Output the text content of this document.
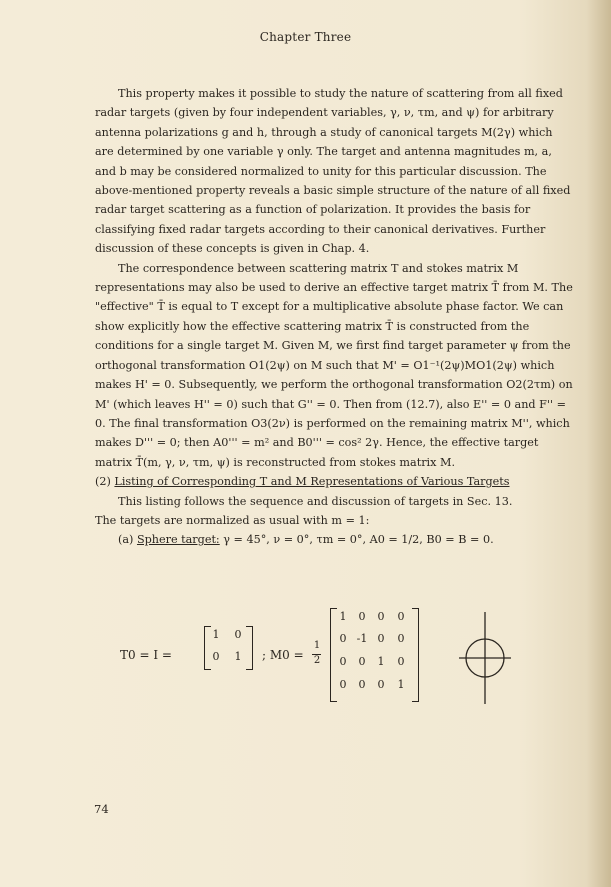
Chapter Three

This property makes it possible to study the nature of scattering from all fixed radar targets (given by four independent variables, γ, ν, τm, and ψ) for arbitrary antenna polarizations g and h, through a study of canonical targets M(2γ) which are determined by one variable γ only. The target and antenna magnitudes m, a, and b may be considered normalized to unity for this particular discussion. The above-mentioned property reveals a basic simple structure of the nature of all fixed radar target scattering as a function of polarization. It provides the basis for classifying fixed radar targets according to their canonical derivatives. Further discussion of these concepts is given in Chap. 4.

The correspondence between scattering matrix T and stokes matrix M representations may also be used to derive an effective target matrix T̄ from M. The "effective" T̄ is equal to T except for a multiplicative absolute phase factor. We can show explicitly how the effective scattering matrix T̄ is constructed from the conditions for a single target M. Given M, we first find target parameter ψ from the orthogonal transformation O1(2ψ) on M such that M' = O1⁻¹(2ψ)MO1(2ψ) which makes H' = 0. Subsequently, we perform the orthogonal transformation O2(2τm) on M' (which leaves H'' = 0) such that G'' = 0. Then from (12.7), also E'' = 0 and F'' = 0. The final transformation O3(2ν) is performed on the remaining matrix M'', which makes D''' = 0; then A0''' = m² and B0''' = cos² 2γ. Hence, the effective target matrix T̄(m, γ, ν, τm, ψ) is reconstructed from stokes matrix M.

(2) Listing of Corresponding T and M Representations of Various Targets

This listing follows the sequence and discussion of targets in Sec. 13.

The targets are normalized as usual with m = 1:

(a) Sphere target: γ = 45°, ν = 0°, τm = 0°, A0 = 1/2, B0 = B = 0.

T0 = I =
1	0
0	1	; M0 =
1
2
1	0	0	0
0 -1 0	0
0	0	1	0
0	0	0	1
74
